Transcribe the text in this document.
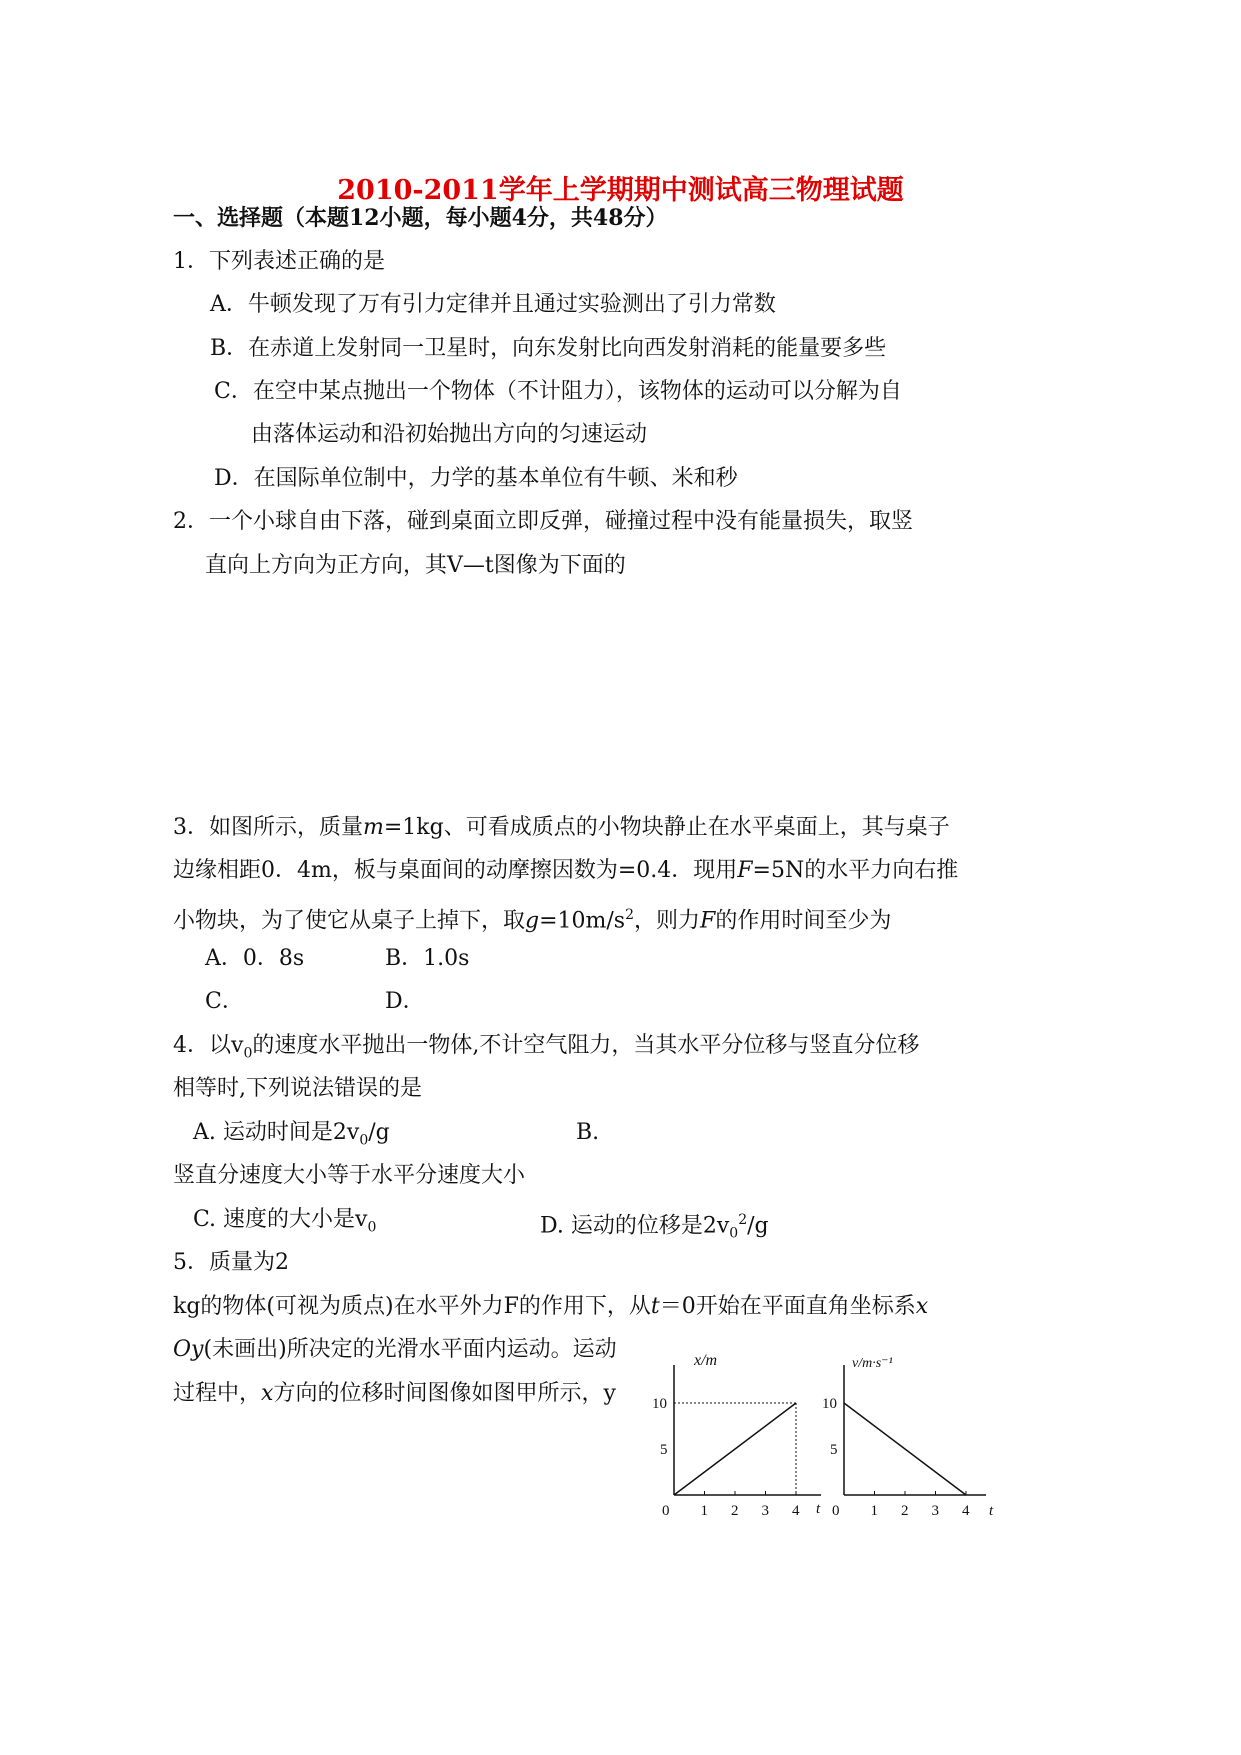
2010-2011学年上学期期中测试高三物理试题
一、选择题（本题12小题，每小题4分，共48分）
1．下列表述正确的是
A．牛顿发现了万有引力定律并且通过实验测出了引力常数
B．在赤道上发射同一卫星时，向东发射比向西发射消耗的能量要多些
C．在空中某点抛出一个物体（不计阻力），该物体的运动可以分解为自
由落体运动和沿初始抛出方向的匀速运动
D．在国际单位制中，力学的基本单位有牛顿、米和秒
2．一个小球自由下落，碰到桌面立即反弹，碰撞过程中没有能量损失，取竖
直向上方向为正方向，其V—t图像为下面的
3．如图所示，质量m=1kg、可看成质点的小物块静止在水平桌面上，其与桌子
边缘相距0．4m，板与桌面间的动摩擦因数为=0.4．现用F=5N的水平力向右推
小物块，为了使它从桌子上掉下，取$g=10m/s^2$，则力F的作用时间至少为
A．0．8s	B．1.0s
C．	D．
4．以$v_0$的速度水平抛出一物体,不计空气阻力，当其水平分位移与竖直分位移
相等时,下列说法错误的是
A. 运动时间是$2v_0/g$	B.
竖直分速度大小等于水平分速度大小
C. 速度的大小是$v_0$	D. 运动的位移是$2v_0^2/g$
5．质量为2
kg的物体(可视为质点)在水平外力F的作用下，从t＝0开始在平面直角坐标系x
Oy(未画出)所决定的光滑水平面内运动。运动
过程中，x方向的位移时间图像如图甲所示，y
x/m
t
0 1 2 3 4
5
10
v/m·s⁻¹
t
0 1 2 3 4
5
10
